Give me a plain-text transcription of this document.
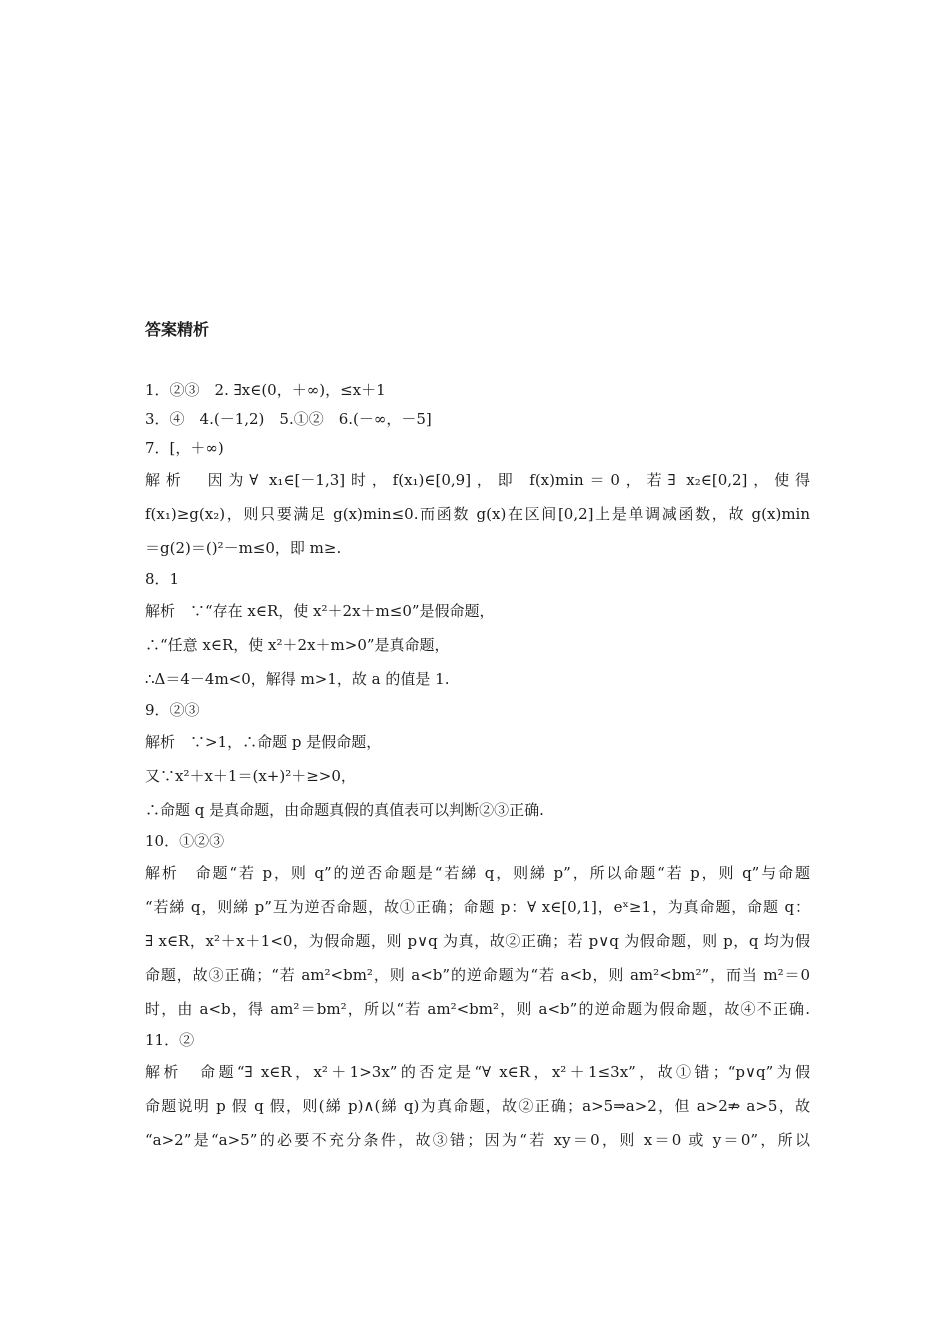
答案精析
1．②③　2. ∃x∈(0，＋∞)，≤x＋1
3．④　4.(－1,2)　5.①②　6.(－∞，－5]
7．[，＋∞)
解析　因为∀ x₁∈[－1,3]时，f(x₁)∈[0,9]，即 f(x)min＝0，若∃ x₂∈[0,2]，使得
f(x₁)≥g(x₂)，则只要满足 g(x)min≤0.而函数 g(x)在区间[0,2]上是单调减函数，故 g(x)min
＝g(2)＝()²－m≤0，即 m≥.
8．1
解析　∵“存在 x∈R，使 x²＋2x＋m≤0”是假命题，
∴“任意 x∈R，使 x²＋2x＋m>0”是真命题，
∴Δ＝4－4m<0，解得 m>1，故 a 的值是 1.
9．②③
解析　∵>1，∴命题 p 是假命题，
又∵x²＋x＋1＝(x+)²＋≥>0，
∴命题 q 是真命题，由命题真假的真值表可以判断②③正确.
10．①②③
解析　命题“若 p，则 q”的逆否命题是“若綈 q，则綈 p”，所以命题“若 p，则 q”与命题
“若綈 q，则綈 p”互为逆否命题，故①正确；命题 p：∀ x∈[0,1]，eˣ≥1，为真命题，命题 q：
∃ x∈R，x²＋x＋1<0，为假命题，则 p∨q 为真，故②正确；若 p∨q 为假命题，则 p，q 均为假
命题，故③正确；“若 am²<bm²，则 a<b”的逆命题为“若 a<b，则 am²<bm²”，而当 m²＝0
时，由 a<b，得 am²＝bm²，所以“若 am²<bm²，则 a<b”的逆命题为假命题，故④不正确.
11．②
解析　命题“∃ x∈R，x²＋1>3x”的否定是“∀ x∈R，x²＋1≤3x”，故①错；“p∨q”为假
命题说明 p 假 q 假，则(綈 p)∧(綈 q)为真命题，故②正确；a>5⇒a>2，但 a>2⇏ a>5，故
“a>2”是“a>5”的必要不充分条件，故③错；因为“若 xy＝0，则 x＝0 或 y＝0”，所以
